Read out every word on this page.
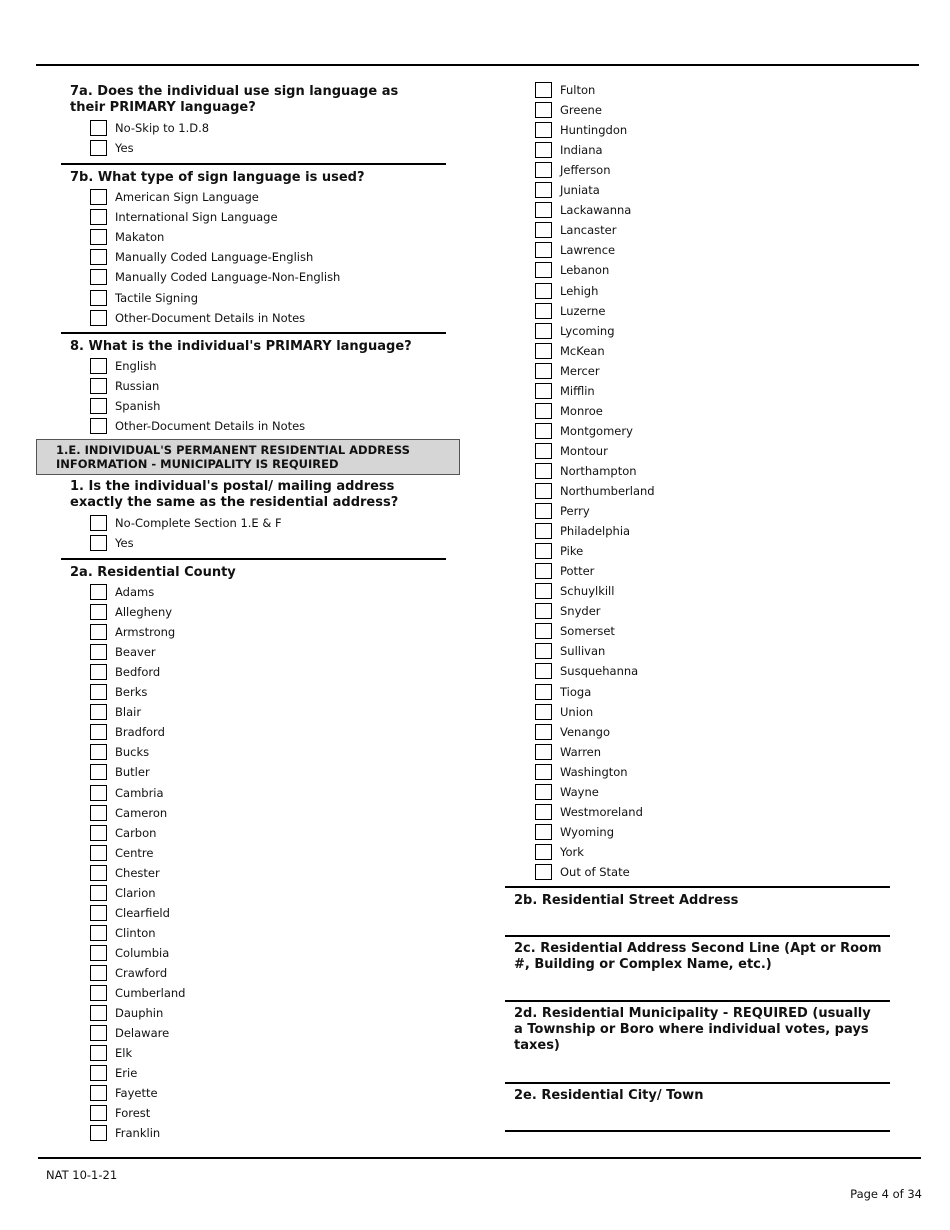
7a. Does the individual use sign language as their PRIMARY language?
No-Skip to 1.D.8
Yes
7b. What type of sign language is used?
American Sign Language
International Sign Language
Makaton
Manually Coded Language-English
Manually Coded Language-Non-English
Tactile Signing
Other-Document Details in Notes
8. What is the individual's PRIMARY language?
English
Russian
Spanish
Other-Document Details in Notes
1.E. INDIVIDUAL'S PERMANENT RESIDENTIAL ADDRESS INFORMATION - MUNICIPALITY IS REQUIRED
1. Is the individual's postal/ mailing address exactly the same as the residential address?
No-Complete Section 1.E & F
Yes
2a. Residential County
Adams
Allegheny
Armstrong
Beaver
Bedford
Berks
Blair
Bradford
Bucks
Butler
Cambria
Cameron
Carbon
Centre
Chester
Clarion
Clearfield
Clinton
Columbia
Crawford
Cumberland
Dauphin
Delaware
Elk
Erie
Fayette
Forest
Franklin
Fulton
Greene
Huntingdon
Indiana
Jefferson
Juniata
Lackawanna
Lancaster
Lawrence
Lebanon
Lehigh
Luzerne
Lycoming
McKean
Mercer
Mifflin
Monroe
Montgomery
Montour
Northampton
Northumberland
Perry
Philadelphia
Pike
Potter
Schuylkill
Snyder
Somerset
Sullivan
Susquehanna
Tioga
Union
Venango
Warren
Washington
Wayne
Westmoreland
Wyoming
York
Out of State
2b. Residential Street Address
2c. Residential Address Second Line (Apt or Room #, Building or Complex Name, etc.)
2d. Residential Municipality - REQUIRED (usually a Township or Boro where individual votes, pays taxes)
2e. Residential City/ Town
NAT 10-1-21
Page 4 of 34
